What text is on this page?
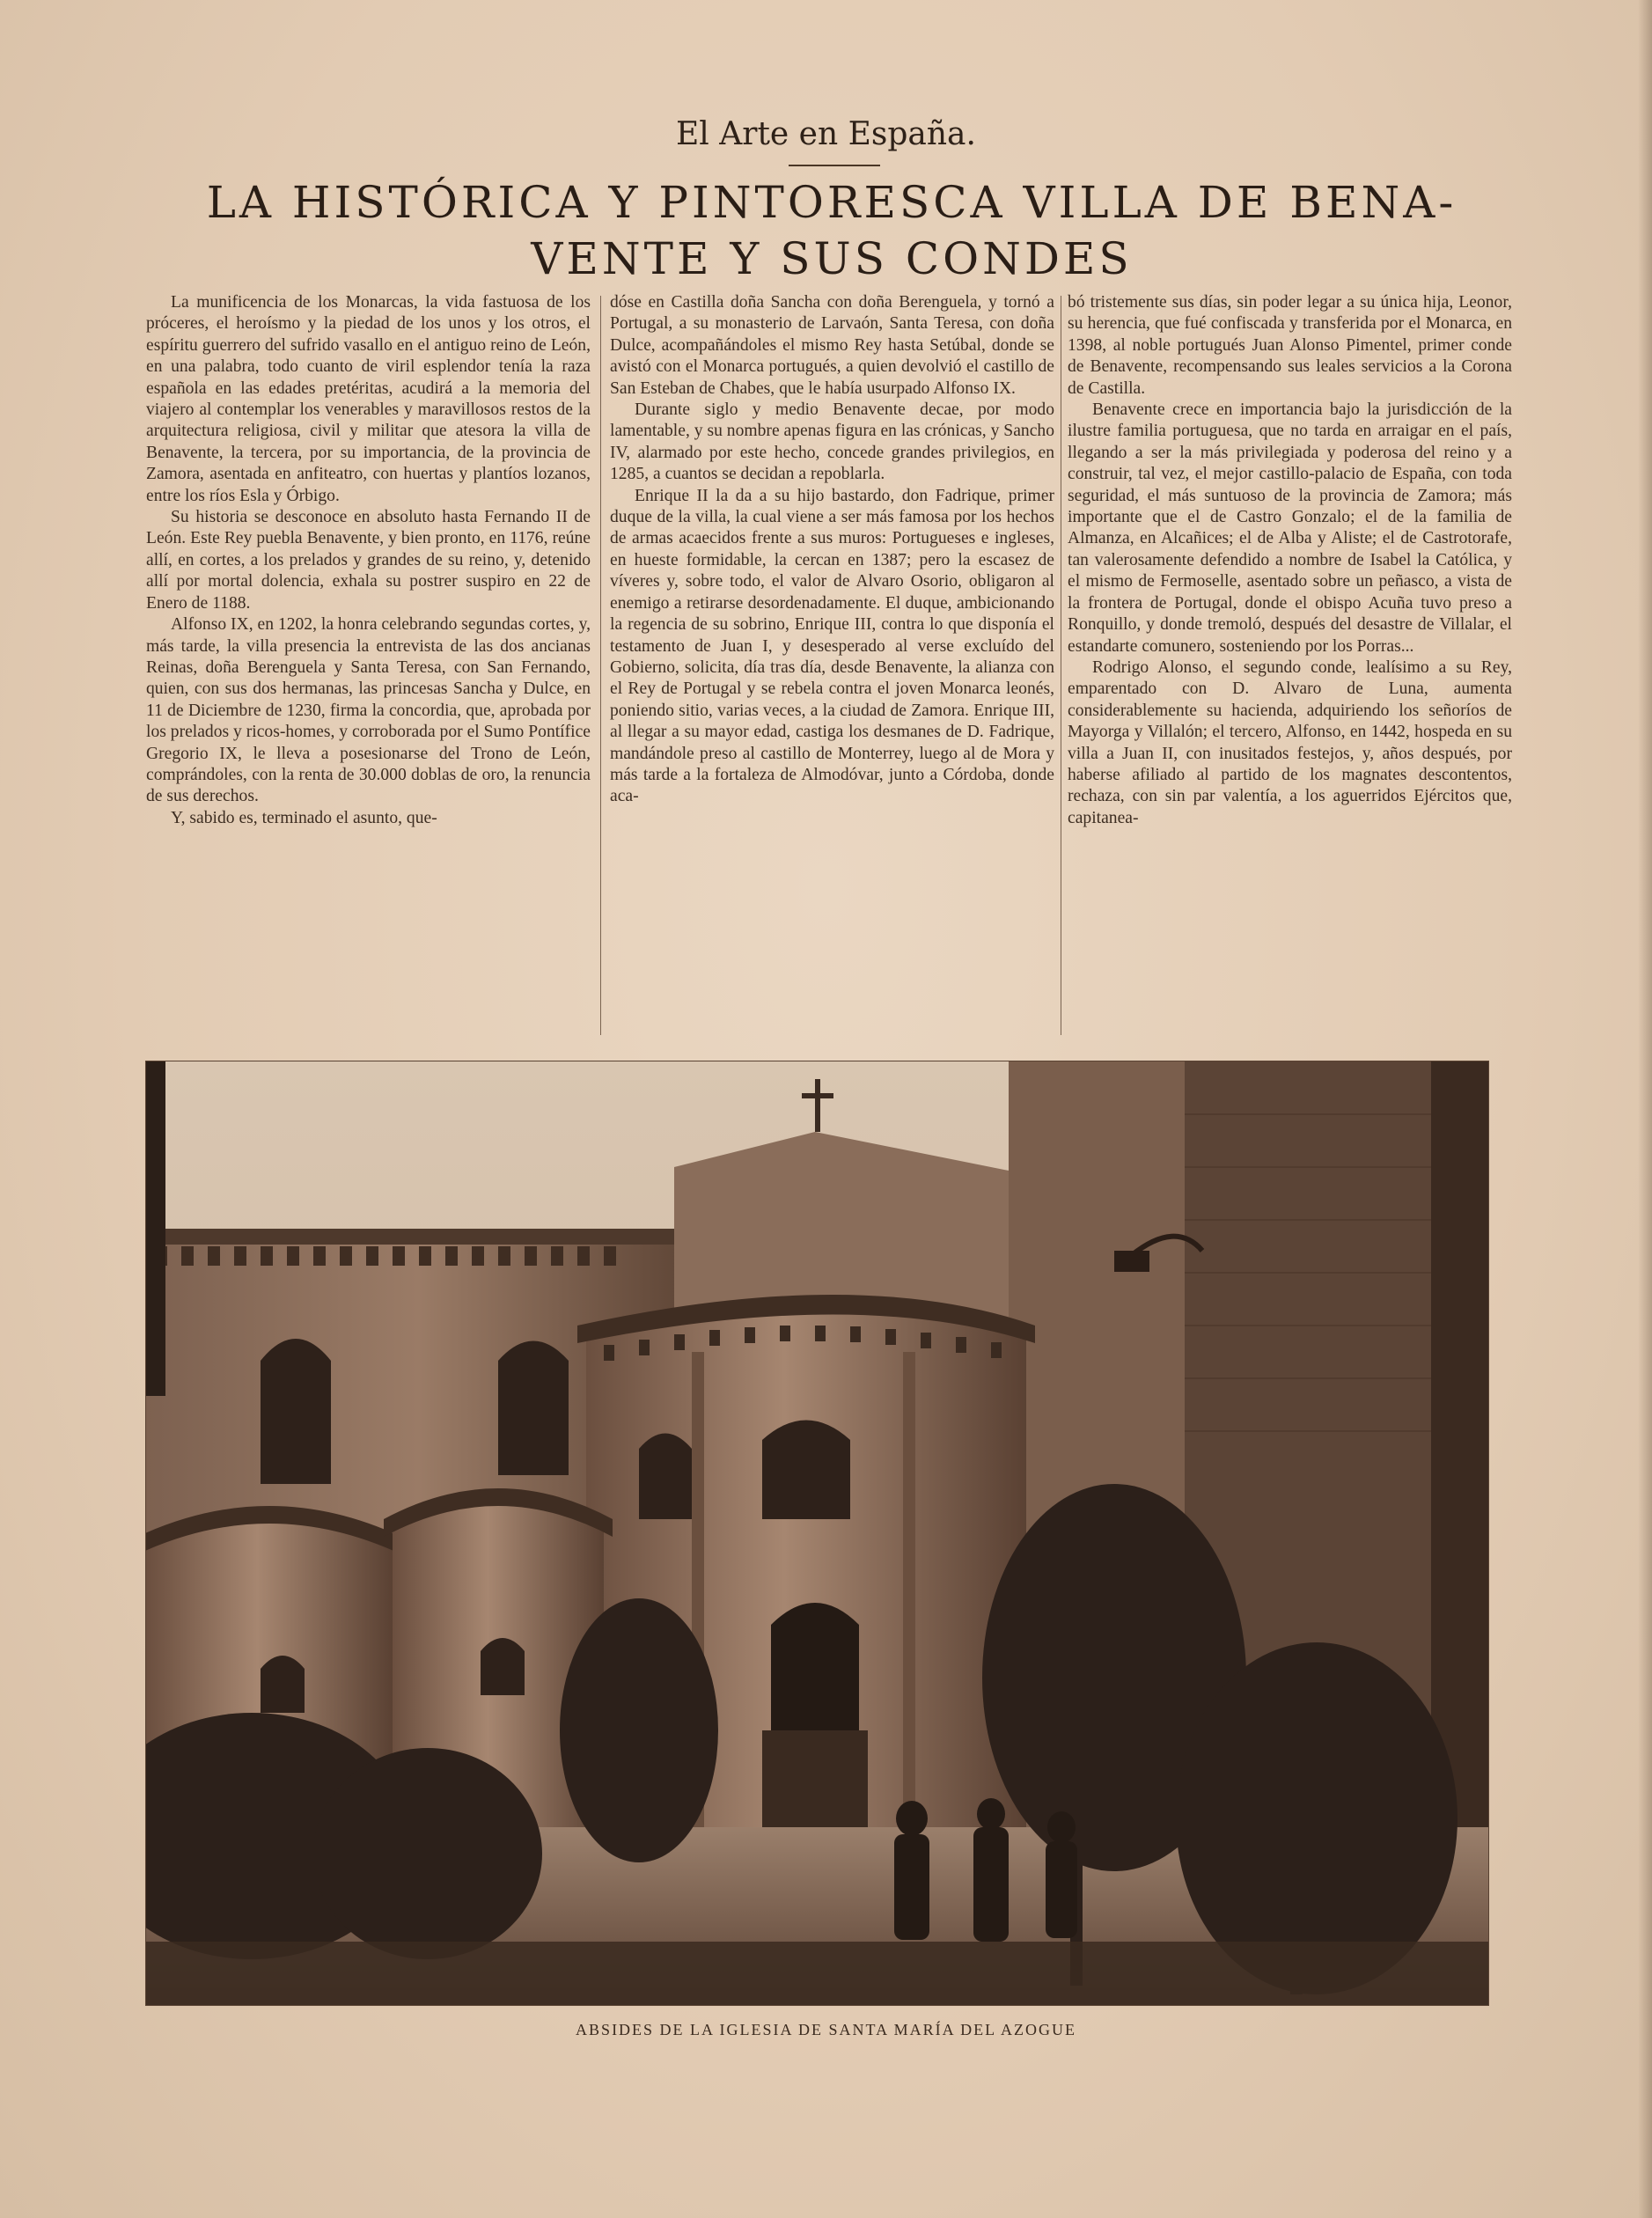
El Arte en España.
LA HISTÓRICA Y PINTORESCA VILLA DE BENA-
VENTE Y SUS CONDES

La munificencia de los Monarcas, la vida fastuosa de los próceres, el heroísmo y la piedad de los unos y los otros, el espíritu guerrero del sufrido vasallo en el antiguo reino de León, en una palabra, todo cuanto de viril esplendor tenía la raza española en las edades pretéritas, acudirá a la memoria del viajero al contemplar los venerables y maravillosos restos de la arquitectura religiosa, civil y militar que atesora la villa de Benavente, la tercera, por su importancia, de la provincia de Zamora, asentada en anfiteatro, con huertas y plantíos lozanos, entre los ríos Esla y Órbigo.

Su historia se desconoce en absoluto hasta Fernando II de León. Este Rey puebla Benavente, y bien pronto, en 1176, reúne allí, en cortes, a los prelados y grandes de su reino, y, detenido allí por mortal dolencia, exhala su postrer suspiro en 22 de Enero de 1188.

Alfonso IX, en 1202, la honra celebrando segundas cortes, y, más tarde, la villa presencia la entrevista de las dos ancianas Reinas, doña Berenguela y Santa Teresa, con San Fernando, quien, con sus dos hermanas, las princesas Sancha y Dulce, en 11 de Diciembre de 1230, firma la concordia, que, aprobada por los prelados y ricos-homes, y corroborada por el Sumo Pontífice Gregorio IX, le lleva a posesionarse del Trono de León, comprándoles, con la renta de 30.000 doblas de oro, la renuncia de sus derechos.

Y, sabido es, terminado el asunto, que-

dóse en Castilla doña Sancha con doña Berenguela, y tornó a Portugal, a su monasterio de Larvaón, Santa Teresa, con doña Dulce, acompañándoles el mismo Rey hasta Setúbal, donde se avistó con el Monarca portugués, a quien devolvió el castillo de San Esteban de Chabes, que le había usurpado Alfonso IX.

Durante siglo y medio Benavente decae, por modo lamentable, y su nombre apenas figura en las crónicas, y Sancho IV, alarmado por este hecho, concede grandes privilegios, en 1285, a cuantos se decidan a repoblarla.

Enrique II la da a su hijo bastardo, don Fadrique, primer duque de la villa, la cual viene a ser más famosa por los hechos de armas acaecidos frente a sus muros: Portugueses e ingleses, en hueste formidable, la cercan en 1387; pero la escasez de víveres y, sobre todo, el valor de Alvaro Osorio, obligaron al enemigo a retirarse desordenadamente. El duque, ambicionando la regencia de su sobrino, Enrique III, contra lo que disponía el testamento de Juan I, y desesperado al verse excluído del Gobierno, solicita, día tras día, desde Benavente, la alianza con el Rey de Portugal y se rebela contra el joven Monarca leonés, poniendo sitio, varias veces, a la ciudad de Zamora. Enrique III, al llegar a su mayor edad, castiga los desmanes de D. Fadrique, mandándole preso al castillo de Monterrey, luego al de Mora y más tarde a la fortaleza de Almodóvar, junto a Córdoba, donde aca-

bó tristemente sus días, sin poder legar a su única hija, Leonor, su herencia, que fué confiscada y transferida por el Monarca, en 1398, al noble portugués Juan Alonso Pimentel, primer conde de Benavente, recompensando sus leales servicios a la Corona de Castilla.

Benavente crece en importancia bajo la jurisdicción de la ilustre familia portuguesa, que no tarda en arraigar en el país, llegando a ser la más privilegiada y poderosa del reino y a construir, tal vez, el mejor castillo-palacio de España, con toda seguridad, el más suntuoso de la provincia de Zamora; más importante que el de Castro Gonzalo; el de la familia de Almanza, en Alcañices; el de Alba y Aliste; el de Castrotorafe, tan valerosamente defendido a nombre de Isabel la Católica, y el mismo de Fermoselle, asentado sobre un peñasco, a vista de la frontera de Portugal, donde el obispo Acuña tuvo preso a Ronquillo, y donde tremoló, después del desastre de Villalar, el estandarte comunero, sosteniendo por los Porras...

Rodrigo Alonso, el segundo conde, lealísimo a su Rey, emparentado con D. Alvaro de Luna, aumenta considerablemente su hacienda, adquiriendo los señoríos de Mayorga y Villalón; el tercero, Alfonso, en 1442, hospeda en su villa a Juan II, con inusitados festejos, y, años después, por haberse afiliado al partido de los magnates descontentos, rechaza, con sin par valentía, a los aguerridos Ejércitos que, capitanea-

ABSIDES DE LA IGLESIA DE SANTA MARÍA DEL AZOGUE
